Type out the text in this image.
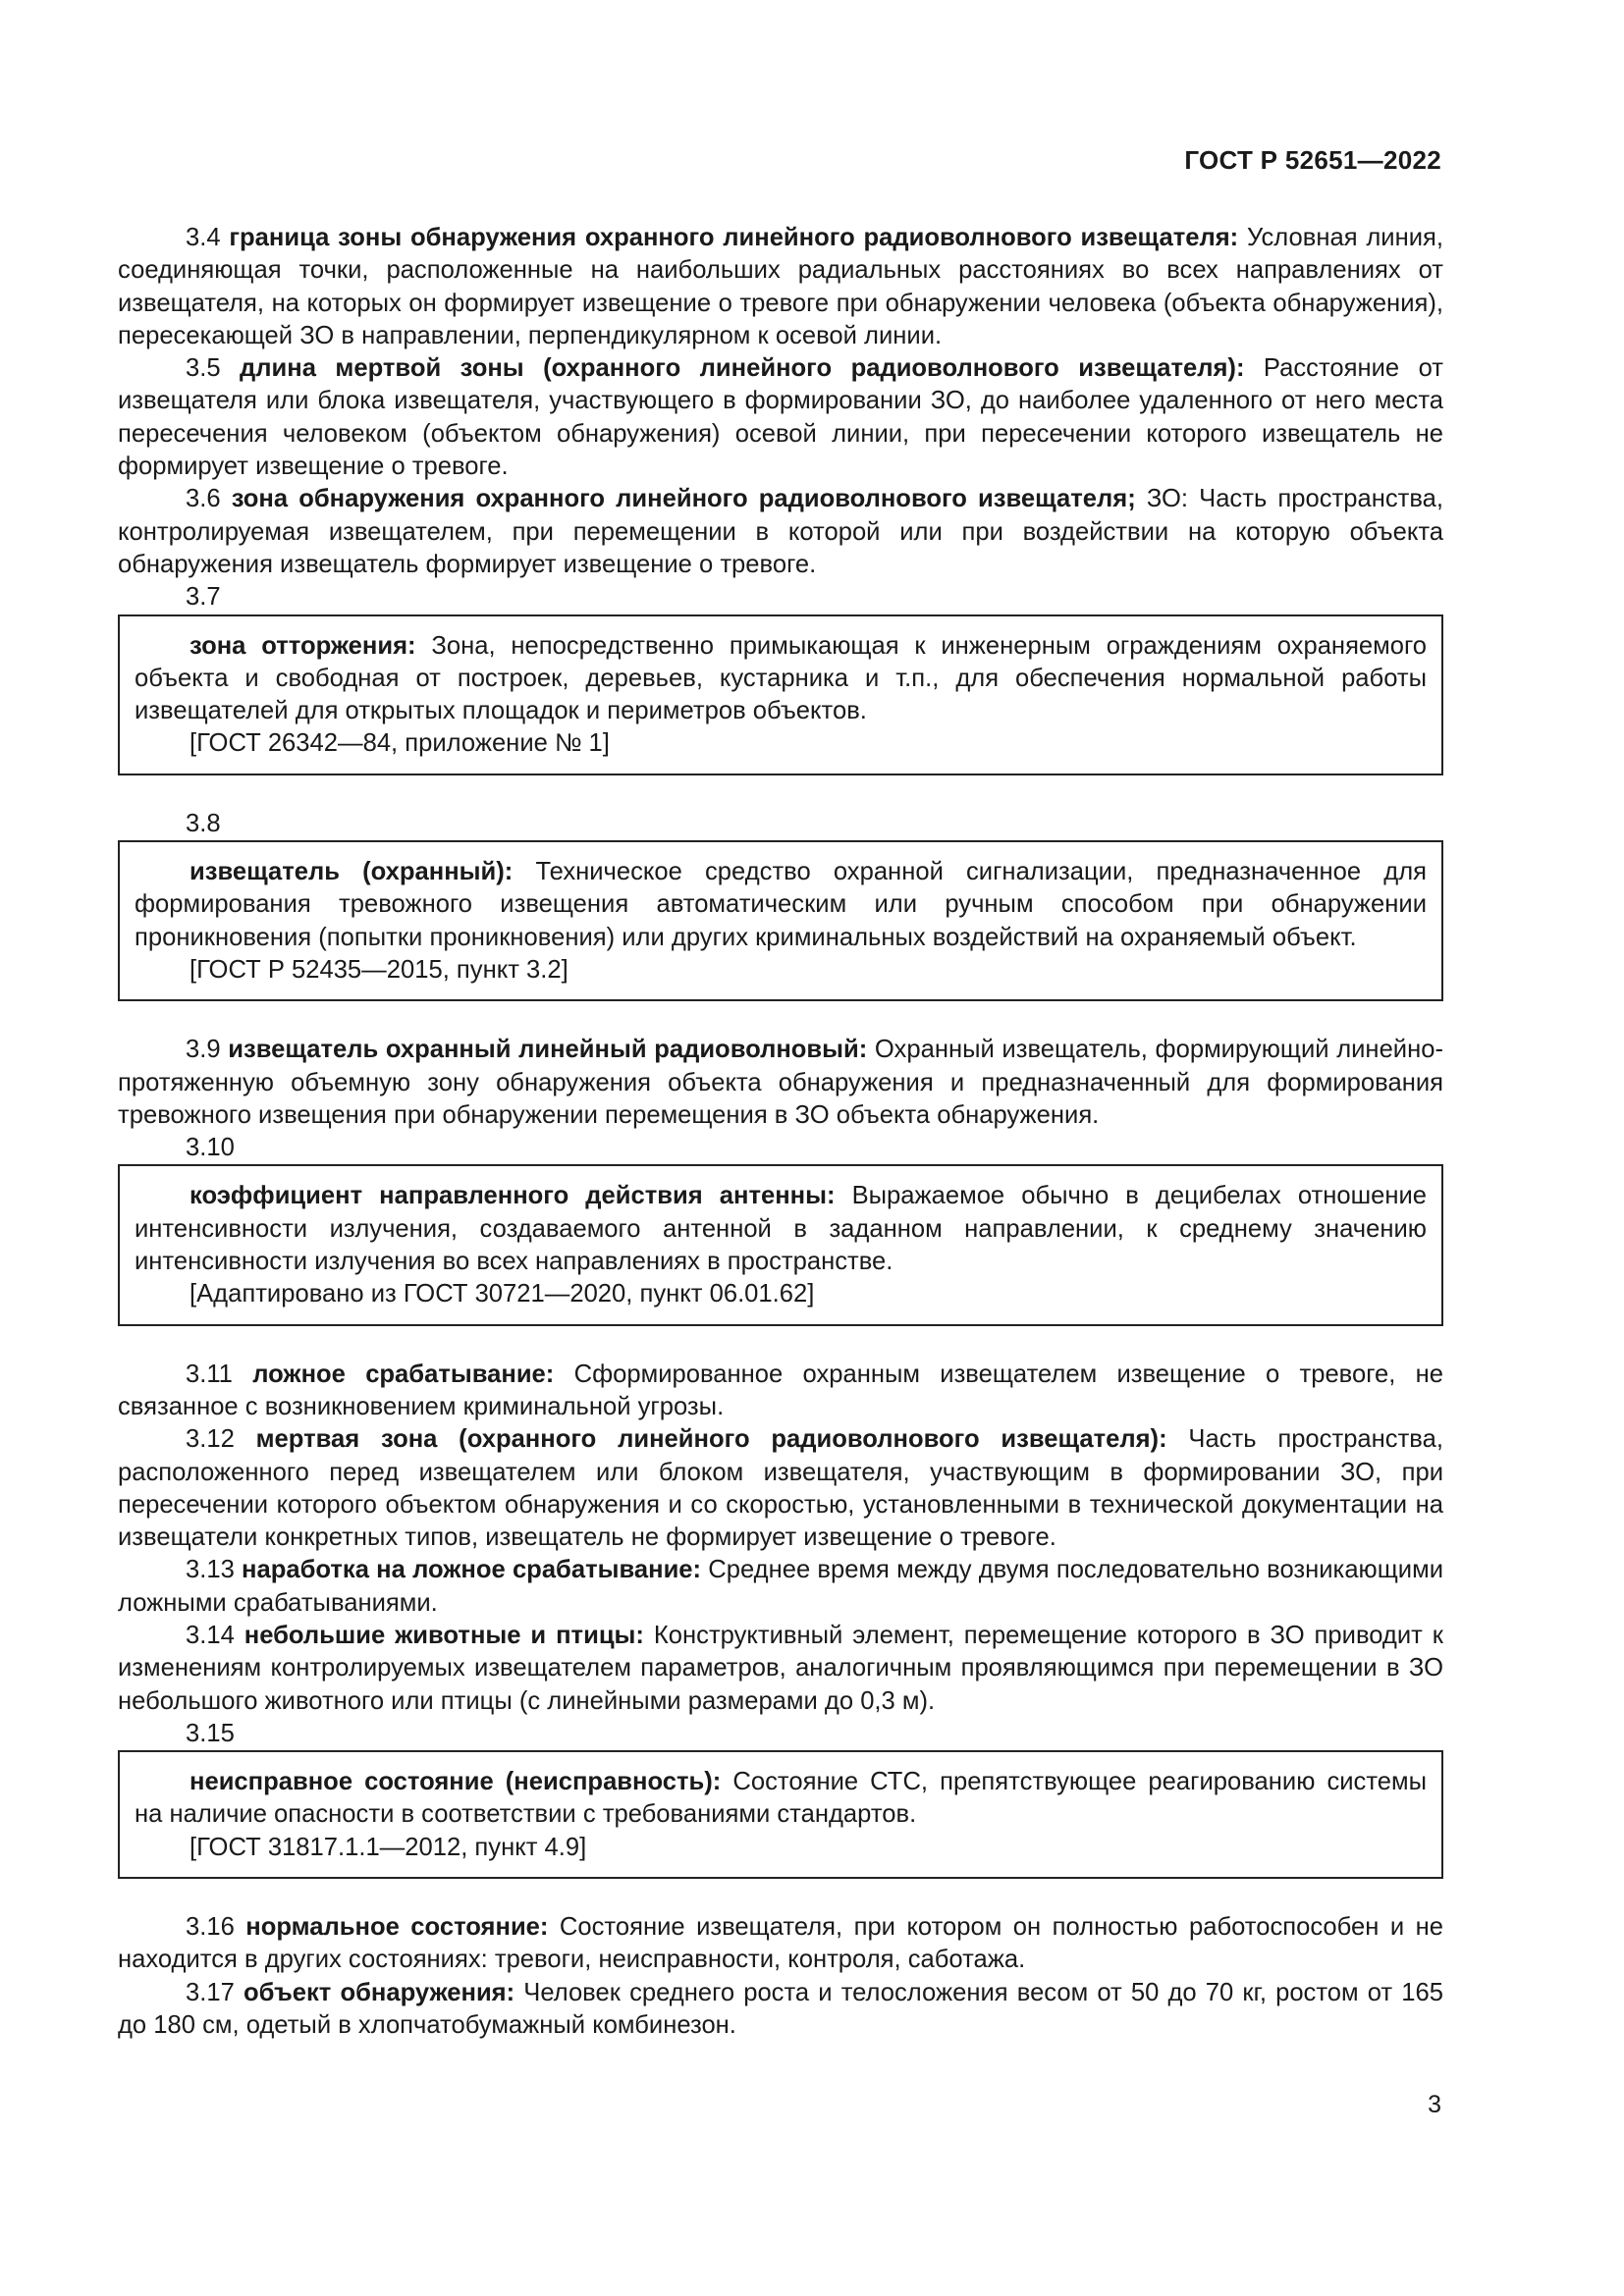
ГОСТ Р 52651—2022

3.4 граница зоны обнаружения охранного линейного радиоволнового извещателя: Условная линия, соединяющая точки, расположенные на наибольших радиальных расстояниях во всех направлениях от извещателя, на которых он формирует извещение о тревоге при обнаружении человека (объекта обнаружения), пересекающей ЗО в направлении, перпендикулярном к осевой линии.

3.5 длина мертвой зоны (охранного линейного радиоволнового извещателя): Расстояние от извещателя или блока извещателя, участвующего в формировании ЗО, до наиболее удаленного от него места пересечения человеком (объектом обнаружения) осевой линии, при пересечении которого извещатель не формирует извещение о тревоге.

3.6 зона обнаружения охранного линейного радиоволнового извещателя; ЗО: Часть пространства, контролируемая извещателем, при перемещении в которой или при воздействии на которую объекта обнаружения извещатель формирует извещение о тревоге.

3.7

зона отторжения: Зона, непосредственно примыкающая к инженерным ограждениям охраняемого объекта и свободная от построек, деревьев, кустарника и т.п., для обеспечения нормальной работы извещателей для открытых площадок и периметров объектов.

[ГОСТ 26342—84, приложение № 1]

3.8

извещатель (охранный): Техническое средство охранной сигнализации, предназначенное для формирования тревожного извещения автоматическим или ручным способом при обнаружении проникновения (попытки проникновения) или других криминальных воздействий на охраняемый объект.

[ГОСТ Р 52435—2015, пункт 3.2]

3.9 извещатель охранный линейный радиоволновый: Охранный извещатель, формирующий линейно-протяженную объемную зону обнаружения объекта обнаружения и предназначенный для формирования тревожного извещения при обнаружении перемещения в ЗО объекта обнаружения.

3.10

коэффициент направленного действия антенны: Выражаемое обычно в децибелах отношение интенсивности излучения, создаваемого антенной в заданном направлении, к среднему значению интенсивности излучения во всех направлениях в пространстве.

[Адаптировано из ГОСТ 30721—2020, пункт 06.01.62]

3.11 ложное срабатывание: Сформированное охранным извещателем извещение о тревоге, не связанное с возникновением криминальной угрозы.

3.12 мертвая зона (охранного линейного радиоволнового извещателя): Часть пространства, расположенного перед извещателем или блоком извещателя, участвующим в формировании ЗО, при пересечении которого объектом обнаружения и со скоростью, установленными в технической документации на извещатели конкретных типов, извещатель не формирует извещение о тревоге.

3.13 наработка на ложное срабатывание: Среднее время между двумя последовательно возникающими ложными срабатываниями.

3.14 небольшие животные и птицы: Конструктивный элемент, перемещение которого в ЗО приводит к изменениям контролируемых извещателем параметров, аналогичным проявляющимся при перемещении в ЗО небольшого животного или птицы (с линейными размерами до 0,3 м).

3.15

неисправное состояние (неисправность): Состояние СТС, препятствующее реагированию системы на наличие опасности в соответствии с требованиями стандартов.

[ГОСТ 31817.1.1—2012, пункт 4.9]

3.16 нормальное состояние: Состояние извещателя, при котором он полностью работоспособен и не находится в других состояниях: тревоги, неисправности, контроля, саботажа.

3.17 объект обнаружения: Человек среднего роста и телосложения весом от 50 до 70 кг, ростом от 165 до 180 см, одетый в хлопчатобумажный комбинезон.

3
